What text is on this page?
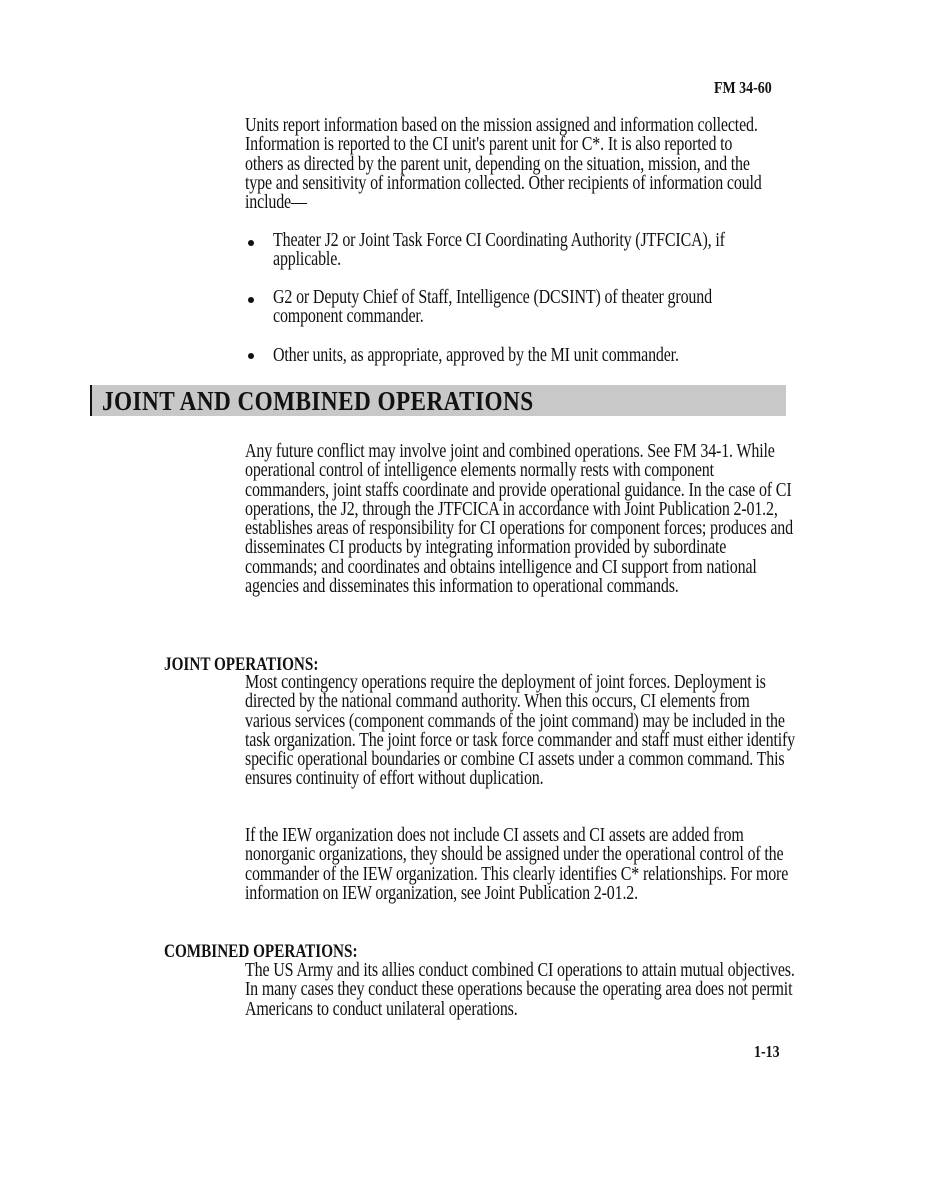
FM 34-60

Units report information based on the mission assigned and information collected. Information is reported to the CI unit's parent unit for C*. It is also reported to others as directed by the parent unit, depending on the situation, mission, and the type and sensitivity of information collected. Other recipients of information could include—

Theater J2 or Joint Task Force CI Coordinating Authority (JTFCICA), if applicable.
G2 or Deputy Chief of Staff, Intelligence (DCSINT) of theater ground component commander.
Other units, as appropriate, approved by the MI unit commander.
JOINT AND COMBINED OPERATIONS

Any future conflict may involve joint and combined operations. See FM 34-1. While operational control of intelligence elements normally rests with component commanders, joint staffs coordinate and provide operational guidance. In the case of CI operations, the J2, through the JTFCICA in accordance with Joint Publication 2-01.2, establishes areas of responsibility for CI operations for component forces; produces and disseminates CI products by integrating information provided by subordinate commands; and coordinates and obtains intelligence and CI support from national agencies and disseminates this information to operational commands.

JOINT OPERATIONS:

Most contingency operations require the deployment of joint forces. Deployment is directed by the national command authority. When this occurs, CI elements from various services (component commands of the joint command) may be included in the task organization. The joint force or task force commander and staff must either identify specific operational boundaries or combine CI assets under a common command. This ensures continuity of effort without duplication.

If the IEW organization does not include CI assets and CI assets are added from nonorganic organizations, they should be assigned under the operational control of the commander of the IEW organization. This clearly identifies C* relationships. For more information on IEW organization, see Joint Publication 2-01.2.

COMBINED OPERATIONS:

The US Army and its allies conduct combined CI operations to attain mutual objectives. In many cases they conduct these operations because the operating area does not permit Americans to conduct unilateral operations.

1-13
